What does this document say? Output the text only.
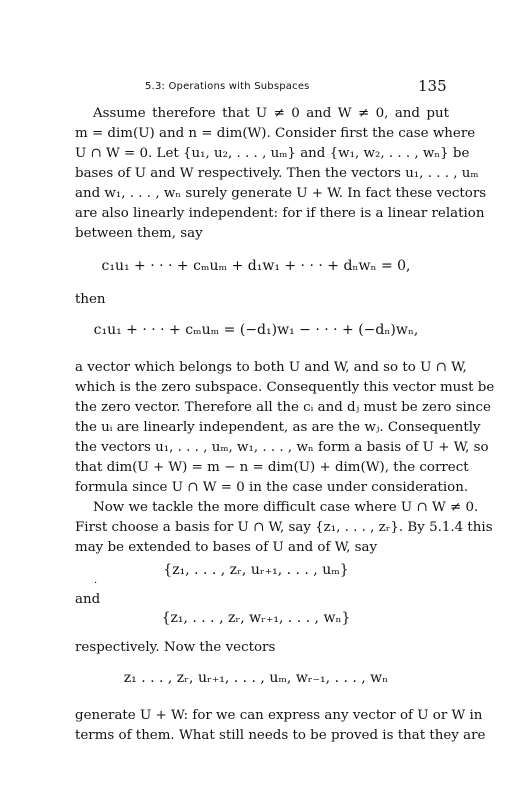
5.3: Operations with Subspaces	135
Assume therefore that U ≠ 0 and W ≠ 0, and put
m = dim(U) and n = dim(W). Consider first the case where
U ∩ W = 0. Let {u₁, u₂, . . . , uₘ} and {w₁, w₂, . . . , wₙ} be
bases of U and W respectively. Then the vectors u₁, . . . , uₘ
and w₁, . . . , wₙ surely generate U + W. In fact these vectors
are also linearly independent: for if there is a linear relation
between them, say
c₁u₁ + · · · + cₘuₘ + d₁w₁ + · · · + dₙwₙ = 0,
then
c₁u₁ + · · · + cₘuₘ = (−d₁)w₁ − · · · + (−dₙ)wₙ,
a vector which belongs to both U and W, and so to U ∩ W,
which is the zero subspace. Consequently this vector must be
the zero vector. Therefore all the cᵢ and dⱼ must be zero since
the uᵢ are linearly independent, as are the wⱼ. Consequently
the vectors u₁, . . . , uₘ, w₁, . . . , wₙ form a basis of U + W, so
that dim(U + W) = m − n = dim(U) + dim(W), the correct
formula since U ∩ W = 0 in the case under consideration.
Now we tackle the more difficult case where U ∩ W ≠ 0.
First choose a basis for U ∩ W, say {z₁, . . . , zᵣ}. By 5.1.4 this
may be extended to bases of U and of W, say
{z₁, . . . , zᵣ, uᵣ₊₁, . . . , uₘ}
·
and
{z₁, . . . , zᵣ, wᵣ₊₁, . . . , wₙ}
respectively. Now the vectors
z₁ . . . , zᵣ, uᵣ₊₁, . . . , uₘ, wᵣ₋₁, . . . , wₙ
generate U + W: for we can express any vector of U or W in
terms of them. What still needs to be proved is that they are
